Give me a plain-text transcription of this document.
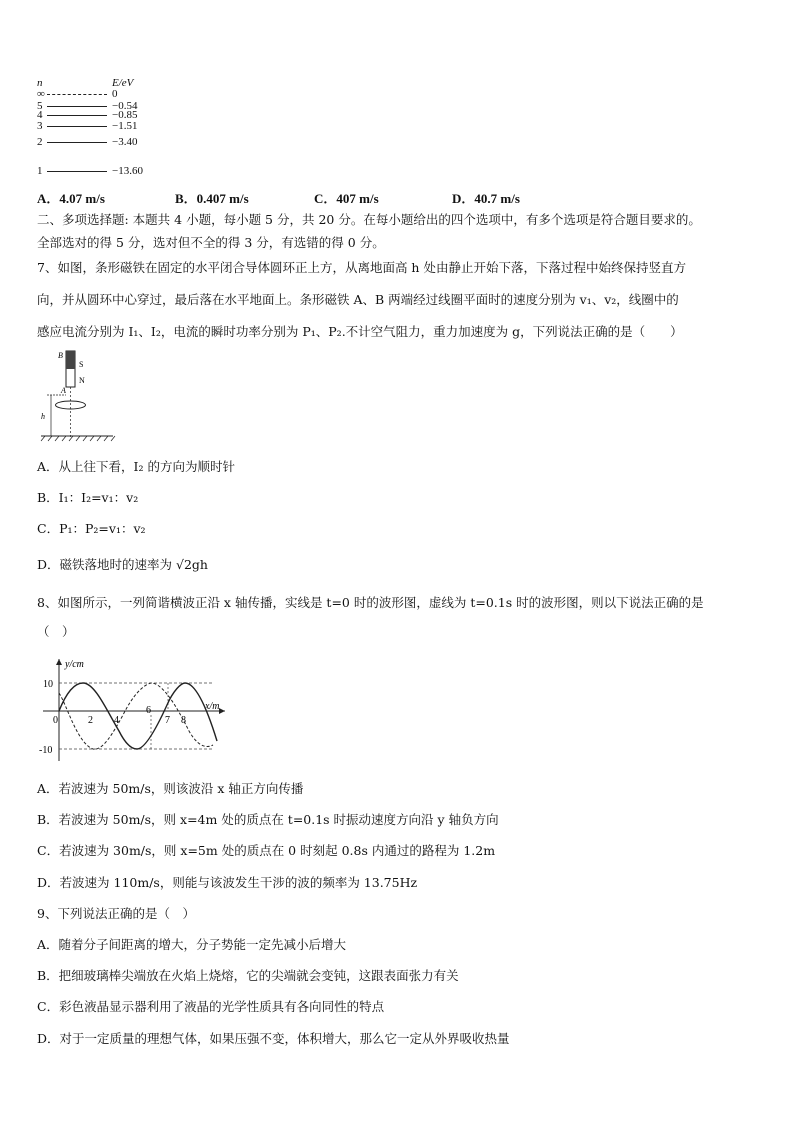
n	E/eV
∞	0
5	−0.54
4	−0.85
3	−1.51
2	−3.40
1	−13.60
A．4.07 m/s	B．0.407 m/s	C．407 m/s	D．40.7 m/s
二、多项选择题: 本题共 4 小题，每小题 5 分，共 20 分。在每小题给出的四个选项中，有多个选项是符合题目要求的。
全部选对的得 5 分，选对但不全的得 3 分，有选错的得 0 分。
7、如图，条形磁铁在固定的水平闭合导体圆环正上方，从离地面高 h 处由静止开始下落，下落过程中始终保持竖直方
向，并从圆环中心穿过，最后落在水平地面上。条形磁铁 A、B 两端经过线圈平面时的速度分别为 v₁、v₂，线圈中的
感应电流分别为 I₁、I₂，电流的瞬时功率分别为 P₁、P₂.不计空气阻力，重力加速度为 g，下列说法正确的是（　　）
B
S
N
A
h
A．从上往下看，I₂ 的方向为顺时针
B．I₁：I₂=v₁：v₂
C．P₁：P₂=v₁：v₂
D．磁铁落地时的速率为 √2gh
8、如图所示，一列简谐横波正沿 x 轴传播，实线是 t=0 时的波形图，虚线为 t=0.1s 时的波形图，则以下说法正确的是
（　）
y/cm
x/m
10
-10
0	2 4
6
7 8
A．若波速为 50m/s，则该波沿 x 轴正方向传播
B．若波速为 50m/s，则 x=4m 处的质点在 t=0.1s 时振动速度方向沿 y 轴负方向
C．若波速为 30m/s，则 x=5m 处的质点在 0 时刻起 0.8s 内通过的路程为 1.2m
D．若波速为 110m/s，则能与该波发生干涉的波的频率为 13.75Hz
9、下列说法正确的是（　）
A．随着分子间距离的增大，分子势能一定先减小后增大
B．把细玻璃棒尖端放在火焰上烧熔，它的尖端就会变钝，这跟表面张力有关
C．彩色液晶显示器利用了液晶的光学性质具有各向同性的特点
D．对于一定质量的理想气体，如果压强不变，体积增大，那么它一定从外界吸收热量
